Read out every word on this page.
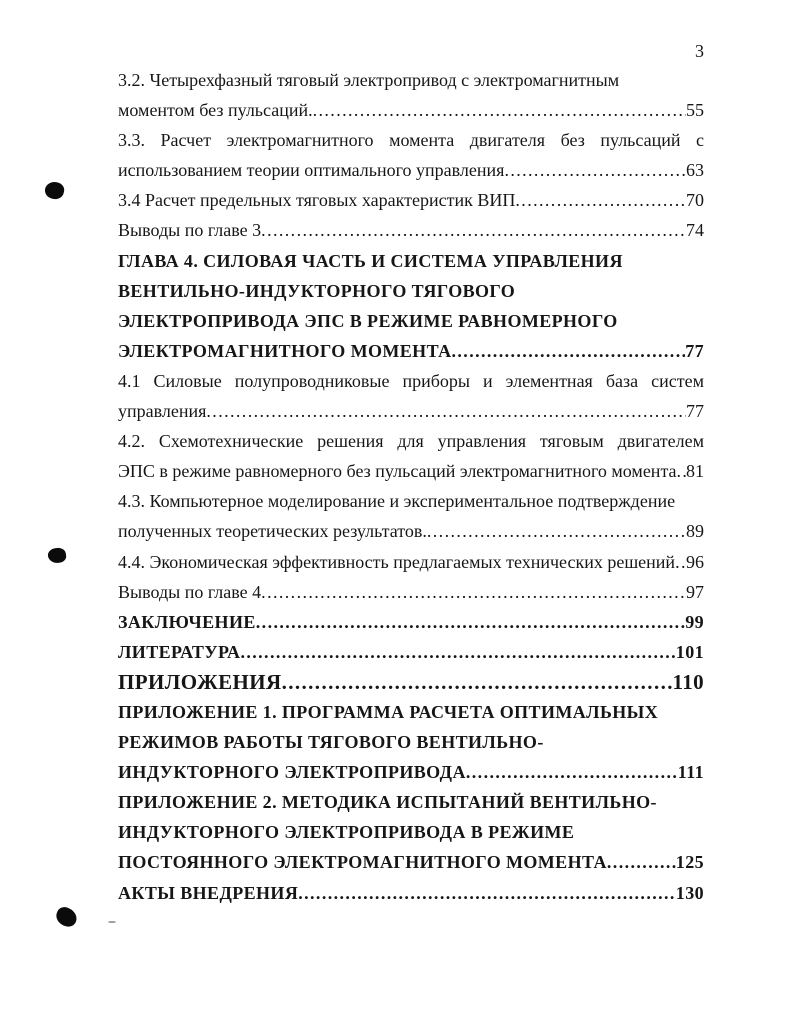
3
3.2. Четырехфазный тяговый электропривод с электромагнитным
моментом без пульсаций. .....	55
3.3. Расчет электромагнитного момента двигателя без пульсаций с
использованием теории оптимального управления .....	63
3.4 Расчет предельных тяговых характеристик ВИП .....	70
Выводы по главе 3 .....	74
ГЛАВА 4. СИЛОВАЯ ЧАСТЬ И СИСТЕМА УПРАВЛЕНИЯ
ВЕНТИЛЬНО-ИНДУКТОРНОГО ТЯГОВОГО
ЭЛЕКТРОПРИВОДА ЭПС В РЕЖИМЕ РАВНОМЕРНОГО
ЭЛЕКТРОМАГНИТНОГО МОМЕНТА .....	77
4.1 Силовые полупроводниковые приборы и элементная база систем
управления .....	77
4.2. Схемотехнические решения для управления тяговым двигателем
ЭПС в режиме равномерного без пульсаций электромагнитного момента ..... 81
4.3. Компьютерное моделирование и экспериментальное подтверждение
полученных теоретических результатов. .....	89
4.4. Экономическая эффективность предлагаемых технических решений ..... 96
Выводы по главе 4 .....	97
ЗАКЛЮЧЕНИЕ .....	99
ЛИТЕРАТУРА .....	101
ПРИЛОЖЕНИЯ .....	110
ПРИЛОЖЕНИЕ 1. ПРОГРАММА РАСЧЕТА ОПТИМАЛЬНЫХ
РЕЖИМОВ РАБОТЫ ТЯГОВОГО ВЕНТИЛЬНО-
ИНДУКТОРНОГО ЭЛЕКТРОПРИВОДА .....	111
ПРИЛОЖЕНИЕ 2. МЕТОДИКА ИСПЫТАНИЙ ВЕНТИЛЬНО-
ИНДУКТОРНОГО ЭЛЕКТРОПРИВОДА В РЕЖИМЕ
ПОСТОЯННОГО ЭЛЕКТРОМАГНИТНОГО МОМЕНТА .....	125
АКТЫ ВНЕДРЕНИЯ .....	130
